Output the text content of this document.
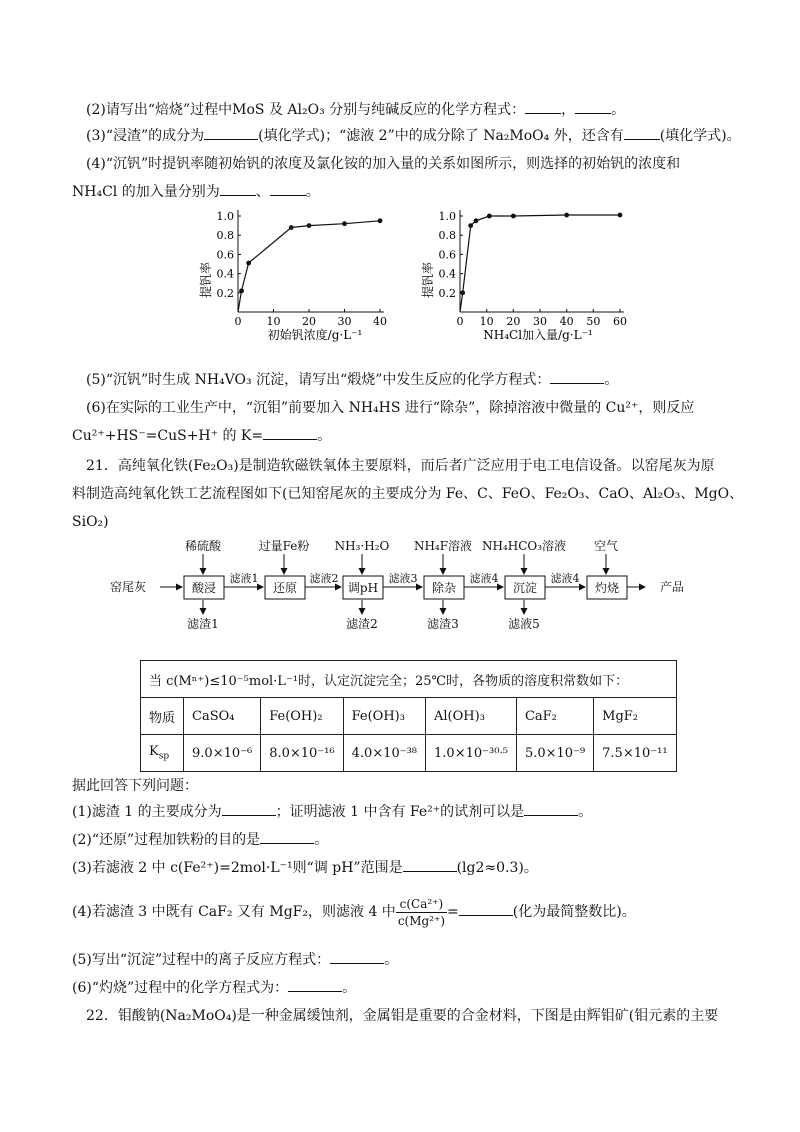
(2)请写出“焙烧”过程中MoS 及 Al₂O₃ 分别与纯碱反应的化学方程式：	，	。
(3)“浸渣”的成分为	(填化学式)；“滤液 2”中的成分除了 Na₂MoO₄ 外，还含有	(填化学式)。
(4)“沉钒”时提钒率随初始钒的浓度及氯化铵的加入量的关系如图所示，则选择的初始钒的浓度和
NH₄Cl 的加入量分别为	、	。
0 10 20 30 40
0.2
0.4
0.6
0.8
1.0
提钒率
初始钒浓度/g·L⁻¹
0 10 20 30 40 50 60
0.2
0.4
0.6
0.8
1.0
提钒率
NH₄Cl加入量/g·L⁻¹
(5)“沉钒”时生成 NH₄VO₃ 沉淀，请写出“煅烧”中发生反应的化学方程式：	。
(6)在实际的工业生产中，“沉钼”前要加入 NH₄HS 进行“除杂”，除掉溶液中微量的 Cu²⁺，则反应
Cu²⁺+HS⁻=CuS+H⁺ 的 K=	。
21．高纯氧化铁(Fe₂O₃)是制造软磁铁氧体主要原料，而后者广泛应用于电工电信设备。以窑尾灰为原
料制造高纯氧化铁工艺流程图如下(已知窑尾灰的主要成分为 Fe、C、FeO、Fe₂O₃、CaO、Al₂O₃、MgO、
SiO₂)
窑尾灰	产品
酸浸	还原	调pH	除杂	沉淀	灼烧
稀硫酸	过量Fe粉 NH₃·H₂O NH₄F溶液 NH₄HCO₃溶液 空气
滤液1	滤液2	滤液3	滤液4	滤液4
滤渣1	滤渣2	滤渣3	滤液5
当 c(Mⁿ⁺)≤10⁻⁵mol·L⁻¹时，认定沉淀完全；25℃时，各物质的溶度积常数如下：						
物质	CaSO₄	Fe(OH)₂	Fe(OH)₃	Al(OH)₃	CaF₂	MgF₂
$K_{sp}$	9.0×10⁻⁶	8.0×10⁻¹⁶	4.0×10⁻³⁸	1.0×10⁻³⁰ᐧ⁵	5.0×10⁻⁹	7.5×10⁻¹¹
据此回答下列问题：
(1)滤渣 1 的主要成分为	；证明滤液 1 中含有 Fe²⁺的试剂可以是	。
(2)“还原”过程加铁粉的目的是	。
(3)若滤液 2 中 c(Fe²⁺)=2mol·L⁻¹则“调 pH”范围是	(lg2≈0.3)。
(4)若滤渣 3 中既有 CaF₂ 又有 MgF₂，则滤液 4 中 $\frac{\text{c(Ca²⁺)}}{\text{c(Mg²⁺)}}$ =	(化为最简整数比)。
(5)写出“沉淀”过程中的离子反应方程式：	。
(6)“灼烧”过程中的化学方程式为：	。
22．钼酸钠(Na₂MoO₄)是一种金属缓蚀剂，金属钼是重要的合金材料，下图是由辉钼矿(钼元素的主要
